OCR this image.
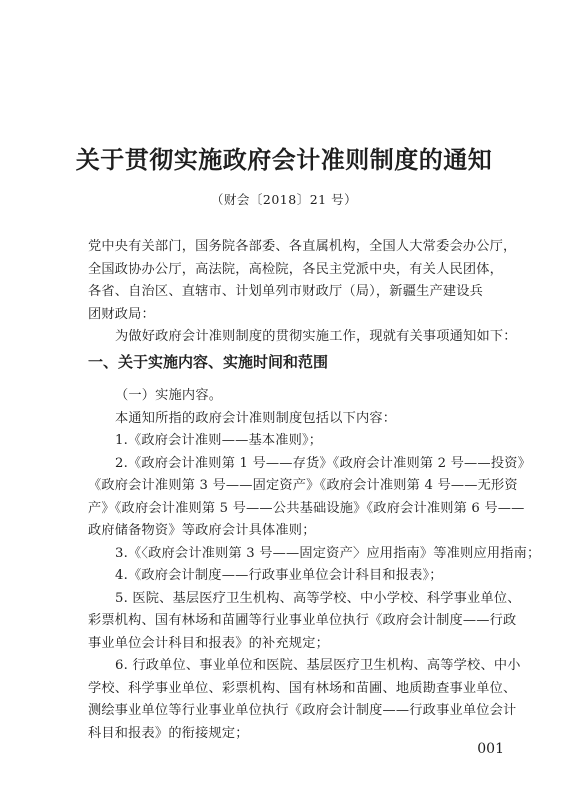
关于贯彻实施政府会计准则制度的通知
（财会〔2018〕21 号）
党中央有关部门，国务院各部委、各直属机构，全国人大常委会办公厅，
全国政协办公厅，高法院，高检院，各民主党派中央，有关人民团体，
各省、自治区、直辖市、计划单列市财政厅（局），新疆生产建设兵
团财政局：
为做好政府会计准则制度的贯彻实施工作，现就有关事项通知如下：
一、关于实施内容、实施时间和范围
（一）实施内容。
本通知所指的政府会计准则制度包括以下内容：
1.《政府会计准则——基本准则》；
2.《政府会计准则第 1 号——存货》《政府会计准则第 2 号——投资》
《政府会计准则第 3 号——固定资产》《政府会计准则第 4 号——无形资
产》《政府会计准则第 5 号——公共基础设施》《政府会计准则第 6 号——
政府储备物资》等政府会计具体准则；
3.《〈政府会计准则第 3 号——固定资产〉应用指南》等准则应用指南；
4.《政府会计制度——行政事业单位会计科目和报表》；
5. 医院、基层医疗卫生机构、高等学校、中小学校、科学事业单位、
彩票机构、国有林场和苗圃等行业事业单位执行《政府会计制度——行政
事业单位会计科目和报表》的补充规定；
6. 行政单位、事业单位和医院、基层医疗卫生机构、高等学校、中小
学校、科学事业单位、彩票机构、国有林场和苗圃、地质勘查事业单位、
测绘事业单位等行业事业单位执行《政府会计制度——行政事业单位会计
科目和报表》的衔接规定；
001
